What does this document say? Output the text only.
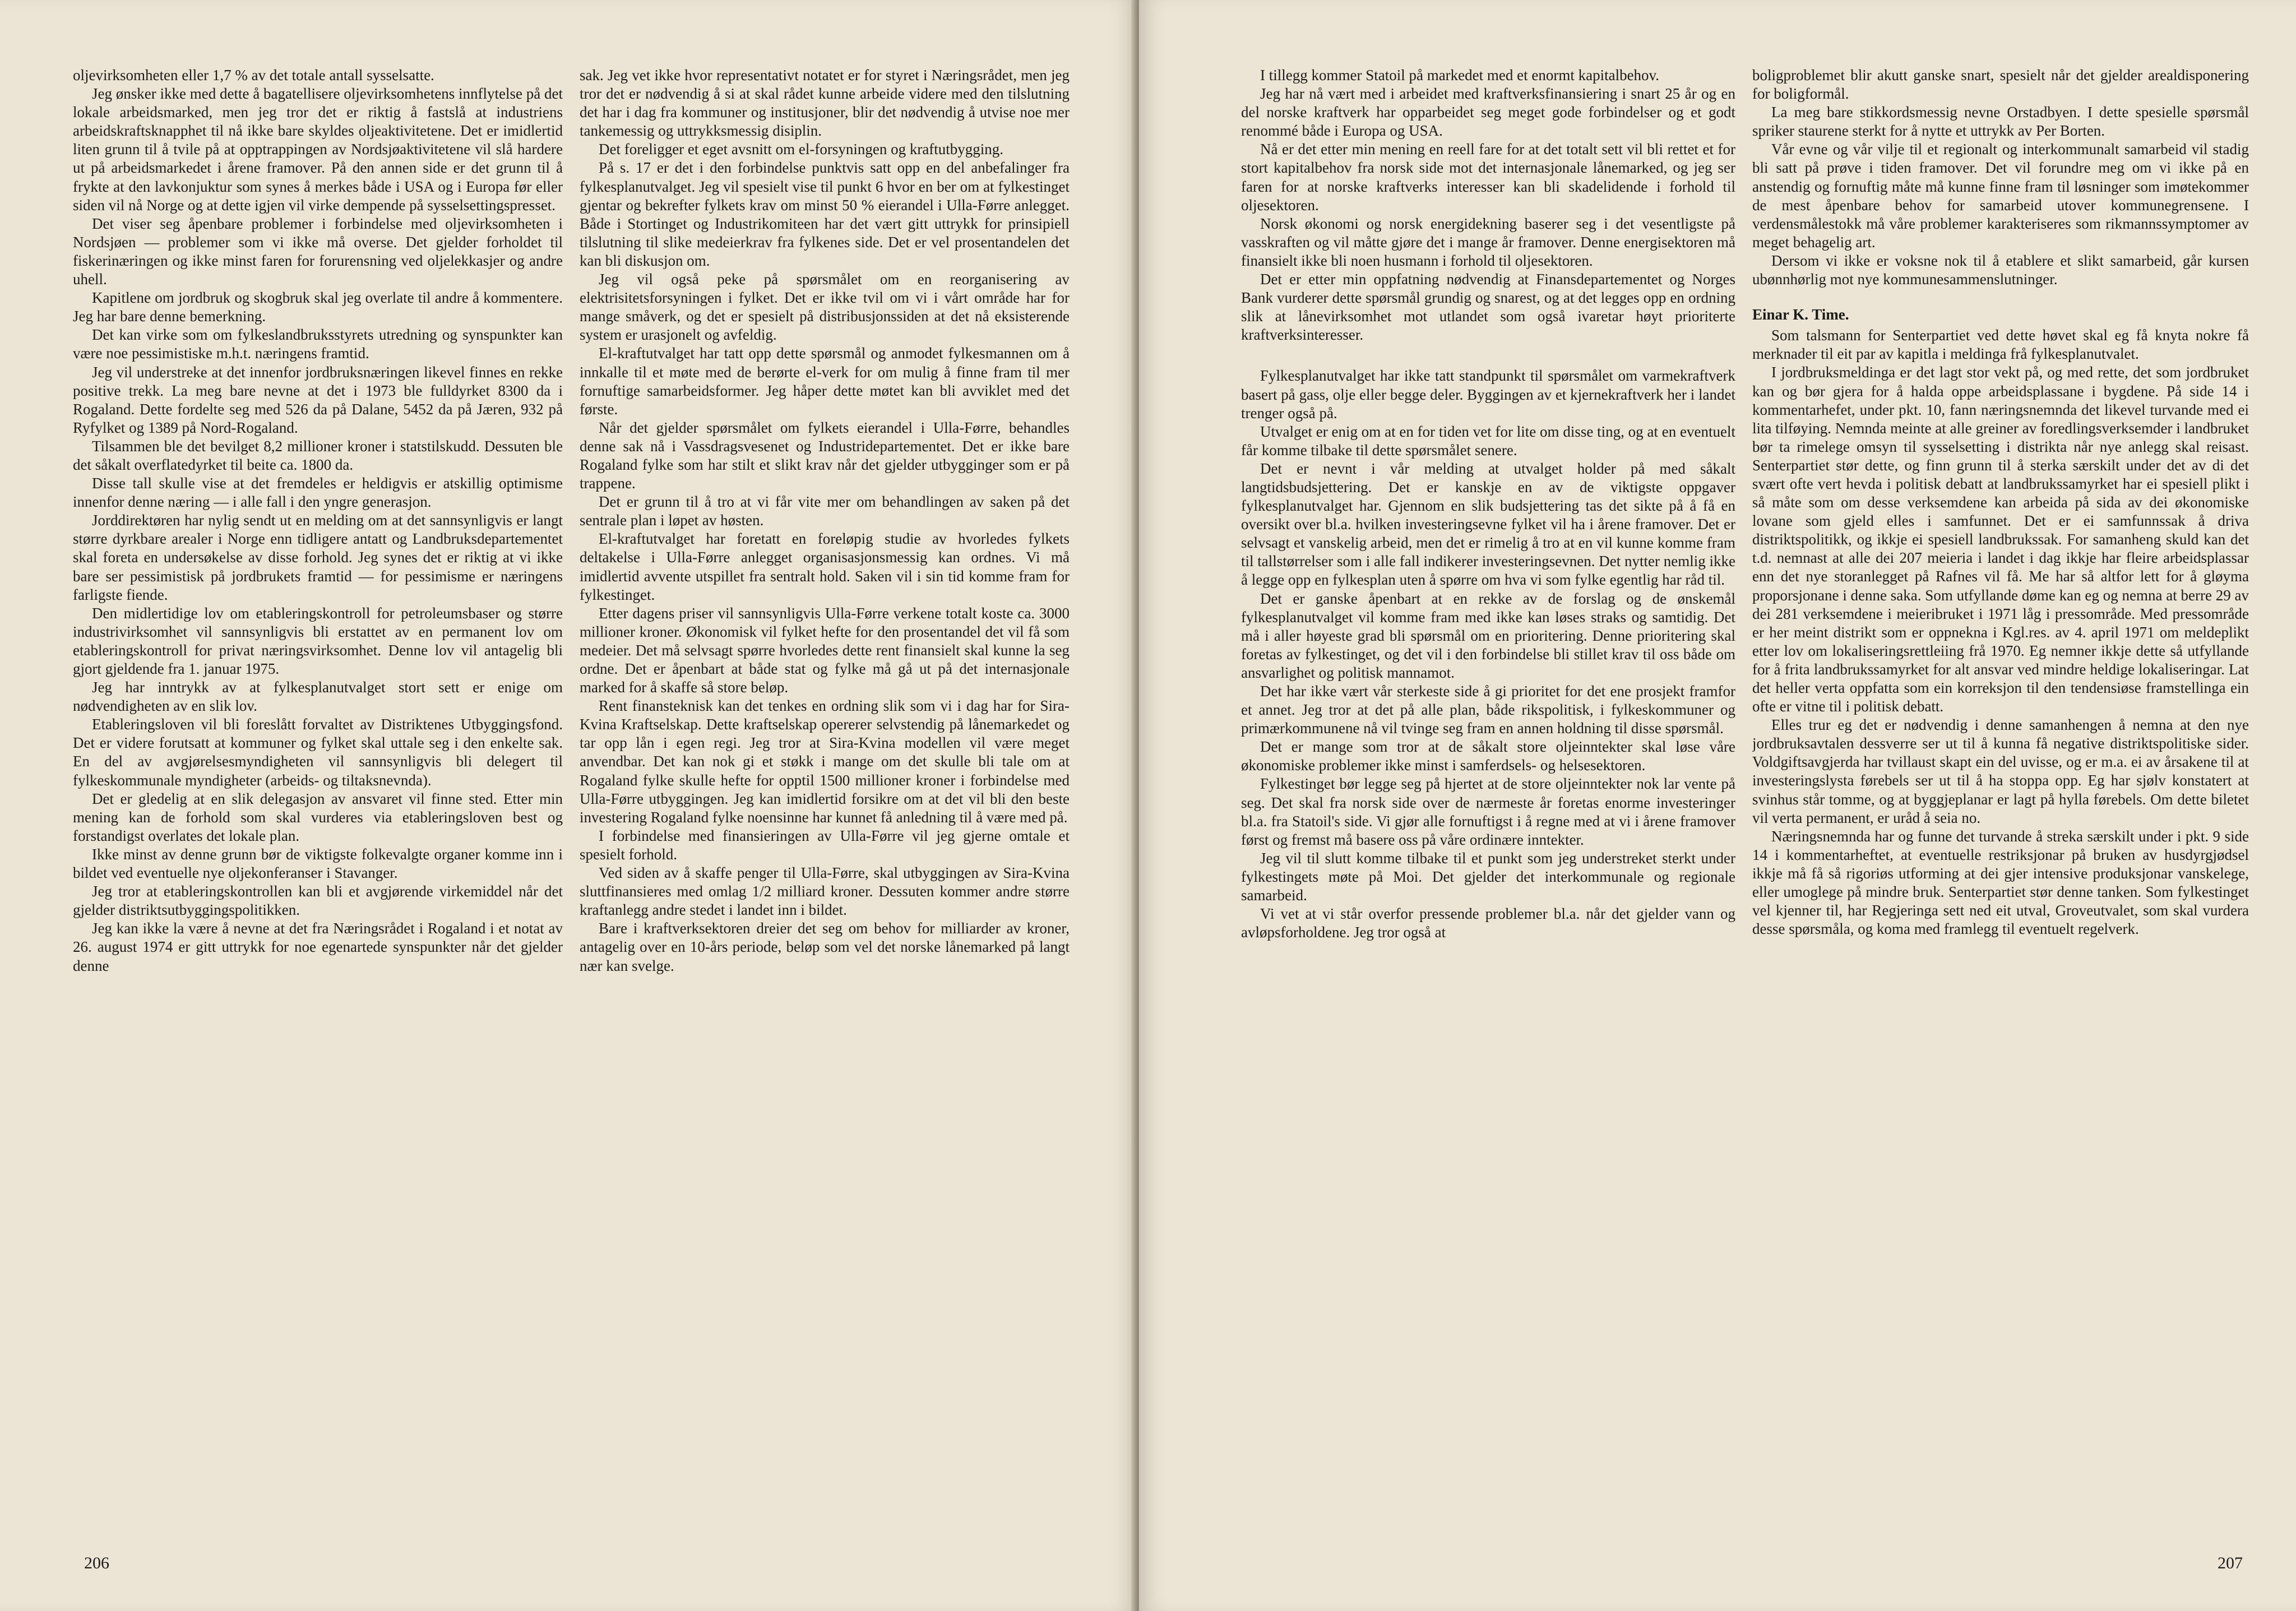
oljevirksomheten eller 1,7 % av det totale antall sysselsatte.

Jeg ønsker ikke med dette å bagatellisere oljevirksomhetens innflytelse på det lokale arbeidsmarked, men jeg tror det er riktig å fastslå at industriens arbeidskraftsknapphet til nå ikke bare skyldes oljeaktivitetene. Det er imidlertid liten grunn til å tvile på at opptrappingen av Nordsjøaktivitetene vil slå hardere ut på arbeidsmarkedet i årene framover. På den annen side er det grunn til å frykte at den lavkonjuktur som synes å merkes både i USA og i Europa før eller siden vil nå Norge og at dette igjen vil virke dempende på sysselsettingspresset.

Det viser seg åpenbare problemer i forbindelse med oljevirksomheten i Nordsjøen — problemer som vi ikke må overse. Det gjelder forholdet til fiskerinæringen og ikke minst faren for forurensning ved oljelekkasjer og andre uhell.

Kapitlene om jordbruk og skogbruk skal jeg overlate til andre å kommentere. Jeg har bare denne bemerkning.

Det kan virke som om fylkeslandbruksstyrets utredning og synspunkter kan være noe pessimistiske m.h.t. næringens framtid.

Jeg vil understreke at det innenfor jordbruksnæringen likevel finnes en rekke positive trekk. La meg bare nevne at det i 1973 ble fulldyrket 8300 da i Rogaland. Dette fordelte seg med 526 da på Dalane, 5452 da på Jæren, 932 på Ryfylket og 1389 på Nord-Rogaland.

Tilsammen ble det bevilget 8,2 millioner kroner i statstilskudd. Dessuten ble det såkalt overflatedyrket til beite ca. 1800 da.

Disse tall skulle vise at det fremdeles er heldigvis er atskillig optimisme innenfor denne næring — i alle fall i den yngre generasjon.

Jorddirektøren har nylig sendt ut en melding om at det sannsynligvis er langt større dyrkbare arealer i Norge enn tidligere antatt og Landbruksdepartementet skal foreta en undersøkelse av disse forhold. Jeg synes det er riktig at vi ikke bare ser pessimistisk på jordbrukets framtid — for pessimisme er næringens farligste fiende.

Den midlertidige lov om etableringskontroll for petroleumsbaser og større industrivirksomhet vil sannsynligvis bli erstattet av en permanent lov om etableringskontroll for privat næringsvirksomhet. Denne lov vil antagelig bli gjort gjeldende fra 1. januar 1975.

Jeg har inntrykk av at fylkesplanutvalget stort sett er enige om nødvendigheten av en slik lov.

Etableringsloven vil bli foreslått forvaltet av Distriktenes Utbyggingsfond. Det er videre forutsatt at kommuner og fylket skal uttale seg i den enkelte sak. En del av avgjørelsesmyndigheten vil sannsynligvis bli delegert til fylkeskommunale myndigheter (arbeids- og tiltaksnevnda).

Det er gledelig at en slik delegasjon av ansvaret vil finne sted. Etter min mening kan de forhold som skal vurderes via etableringsloven best og forstandigst overlates det lokale plan.

Ikke minst av denne grunn bør de viktigste folkevalgte organer komme inn i bildet ved eventuelle nye oljekonferanser i Stavanger.

Jeg tror at etableringskontrollen kan bli et avgjørende virkemiddel når det gjelder distriktsutbyggingspolitikken.

Jeg kan ikke la være å nevne at det fra Næringsrådet i Rogaland i et notat av 26. august 1974 er gitt uttrykk for noe egenartede synspunkter når det gjelder denne

sak. Jeg vet ikke hvor representativt notatet er for styret i Næringsrådet, men jeg tror det er nødvendig å si at skal rådet kunne arbeide videre med den tilslutning det har i dag fra kommuner og institusjoner, blir det nødvendig å utvise noe mer tankemessig og uttrykksmessig disiplin.

Det foreligger et eget avsnitt om el-forsyningen og kraftutbygging.

På s. 17 er det i den forbindelse punktvis satt opp en del anbefalinger fra fylkesplanutvalget. Jeg vil spesielt vise til punkt 6 hvor en ber om at fylkestinget gjentar og bekrefter fylkets krav om minst 50 % eierandel i Ulla-Førre anlegget. Både i Stortinget og Industrikomiteen har det vært gitt uttrykk for prinsipiell tilslutning til slike medeierkrav fra fylkenes side. Det er vel prosentandelen det kan bli diskusjon om.

Jeg vil også peke på spørsmålet om en reorganisering av elektrisitetsforsyningen i fylket. Det er ikke tvil om vi i vårt område har for mange småverk, og det er spesielt på distribusjonssiden at det nå eksisterende system er urasjonelt og avfeldig.

El-kraftutvalget har tatt opp dette spørsmål og anmodet fylkesmannen om å innkalle til et møte med de berørte el-verk for om mulig å finne fram til mer fornuftige samarbeidsformer. Jeg håper dette møtet kan bli avviklet med det første.

Når det gjelder spørsmålet om fylkets eierandel i Ulla-Førre, behandles denne sak nå i Vassdragsvesenet og Industridepartementet. Det er ikke bare Rogaland fylke som har stilt et slikt krav når det gjelder utbygginger som er på trappene.

Det er grunn til å tro at vi får vite mer om behandlingen av saken på det sentrale plan i løpet av høsten.

El-kraftutvalget har foretatt en foreløpig studie av hvorledes fylkets deltakelse i Ulla-Førre anlegget organisasjonsmessig kan ordnes. Vi må imidlertid avvente utspillet fra sentralt hold. Saken vil i sin tid komme fram for fylkestinget.

Etter dagens priser vil sannsynligvis Ulla-Førre verkene totalt koste ca. 3000 millioner kroner. Økonomisk vil fylket hefte for den prosentandel det vil få som medeier. Det må selvsagt spørre hvorledes dette rent finansielt skal kunne la seg ordne. Det er åpenbart at både stat og fylke må gå ut på det internasjonale marked for å skaffe så store beløp.

Rent finansteknisk kan det tenkes en ordning slik som vi i dag har for Sira-Kvina Kraftselskap. Dette kraftselskap opererer selvstendig på lånemarkedet og tar opp lån i egen regi. Jeg tror at Sira-Kvina modellen vil være meget anvendbar. Det kan nok gi et støkk i mange om det skulle bli tale om at Rogaland fylke skulle hefte for opptil 1500 millioner kroner i forbindelse med Ulla-Førre utbyggingen. Jeg kan imidlertid forsikre om at det vil bli den beste investering Rogaland fylke noensinne har kunnet få anledning til å være med på.

I forbindelse med finansieringen av Ulla-Førre vil jeg gjerne omtale et spesielt forhold.

Ved siden av å skaffe penger til Ulla-Førre, skal utbyggingen av Sira-Kvina sluttfinansieres med omlag 1/2 milliard kroner. Dessuten kommer andre større kraftanlegg andre stedet i landet inn i bildet.

Bare i kraftverksektoren dreier det seg om behov for milliarder av kroner, antagelig over en 10-års periode, beløp som vel det norske lånemarked på langt nær kan svelge.

206

I tillegg kommer Statoil på markedet med et enormt kapitalbehov.

Jeg har nå vært med i arbeidet med kraftverksfinansiering i snart 25 år og en del norske kraftverk har opparbeidet seg meget gode forbindelser og et godt renommé både i Europa og USA.

Nå er det etter min mening en reell fare for at det totalt sett vil bli rettet et for stort kapitalbehov fra norsk side mot det internasjonale lånemarked, og jeg ser faren for at norske kraftverks interesser kan bli skadelidende i forhold til oljesektoren.

Norsk økonomi og norsk energidekning baserer seg i det vesentligste på vasskraften og vil måtte gjøre det i mange år framover. Denne energisektoren må finansielt ikke bli noen husmann i forhold til oljesektoren.

Det er etter min oppfatning nødvendig at Finansdepartementet og Norges Bank vurderer dette spørsmål grundig og snarest, og at det legges opp en ordning slik at lånevirksomhet mot utlandet som også ivaretar høyt prioriterte kraftverksinteresser.

Fylkesplanutvalget har ikke tatt standpunkt til spørsmålet om varmekraftverk basert på gass, olje eller begge deler. Byggingen av et kjernekraftverk her i landet trenger også på.

Utvalget er enig om at en for tiden vet for lite om disse ting, og at en eventuelt får komme tilbake til dette spørsmålet senere.

Det er nevnt i vår melding at utvalget holder på med såkalt langtidsbudsjettering. Det er kanskje en av de viktigste oppgaver fylkesplanutvalget har. Gjennom en slik budsjettering tas det sikte på å få en oversikt over bl.a. hvilken investeringsevne fylket vil ha i årene framover. Det er selvsagt et vanskelig arbeid, men det er rimelig å tro at en vil kunne komme fram til tallstørrelser som i alle fall indikerer investeringsevnen. Det nytter nemlig ikke å legge opp en fylkesplan uten å spørre om hva vi som fylke egentlig har råd til.

Det er ganske åpenbart at en rekke av de forslag og de ønskemål fylkesplanutvalget vil komme fram med ikke kan løses straks og samtidig. Det må i aller høyeste grad bli spørsmål om en prioritering. Denne prioritering skal foretas av fylkestinget, og det vil i den forbindelse bli stillet krav til oss både om ansvarlighet og politisk mannamot.

Det har ikke vært vår sterkeste side å gi prioritet for det ene prosjekt framfor et annet. Jeg tror at det på alle plan, både rikspolitisk, i fylkeskommuner og primærkommunene nå vil tvinge seg fram en annen holdning til disse spørsmål.

Det er mange som tror at de såkalt store oljeinntekter skal løse våre økonomiske problemer ikke minst i samferdsels- og helsesektoren.

Fylkestinget bør legge seg på hjertet at de store oljeinntekter nok lar vente på seg. Det skal fra norsk side over de nærmeste år foretas enorme investeringer bl.a. fra Statoil's side. Vi gjør alle fornuftigst i å regne med at vi i årene framover først og fremst må basere oss på våre ordinære inntekter.

Jeg vil til slutt komme tilbake til et punkt som jeg understreket sterkt under fylkestingets møte på Moi. Det gjelder det interkommunale og regionale samarbeid.

Vi vet at vi står overfor pressende problemer bl.a. når det gjelder vann og avløpsforholdene. Jeg tror også at

boligproblemet blir akutt ganske snart, spesielt når det gjelder arealdisponering for boligformål.

La meg bare stikkordsmessig nevne Orstadbyen. I dette spesielle spørsmål spriker staurene sterkt for å nytte et uttrykk av Per Borten.

Vår evne og vår vilje til et regionalt og interkommunalt samarbeid vil stadig bli satt på prøve i tiden framover. Det vil forundre meg om vi ikke på en anstendig og fornuftig måte må kunne finne fram til løsninger som imøtekommer de mest åpenbare behov for samarbeid utover kommunegrensene. I verdensmålestokk må våre problemer karakteriseres som rikmannssymptomer av meget behagelig art.

Dersom vi ikke er voksne nok til å etablere et slikt samarbeid, går kursen ubønnhørlig mot nye kommunesammenslutninger.

Einar K. Time.

Som talsmann for Senterpartiet ved dette høvet skal eg få knyta nokre få merknader til eit par av kapitla i meldinga frå fylkesplanutvalet.

I jordbruksmeldinga er det lagt stor vekt på, og med rette, det som jordbruket kan og bør gjera for å halda oppe arbeidsplassane i bygdene. På side 14 i kommentarhefet, under pkt. 10, fann næringsnemnda det likevel turvande med ei lita tilføying. Nemnda meinte at alle greiner av foredlingsverksemder i landbruket bør ta rimelege omsyn til sysselsetting i distrikta når nye anlegg skal reisast. Senterpartiet stør dette, og finn grunn til å sterka særskilt under det av di det svært ofte vert hevda i politisk debatt at landbrukssamyrket har ei spesiell plikt i så måte som om desse verksemdene kan arbeida på sida av dei økonomiske lovane som gjeld elles i samfunnet. Det er ei samfunnssak å driva distriktspolitikk, og ikkje ei spesiell landbrukssak. For samanheng skuld kan det t.d. nemnast at alle dei 207 meieria i landet i dag ikkje har fleire arbeidsplassar enn det nye storanlegget på Rafnes vil få. Me har så altfor lett for å gløyma proporsjonane i denne saka. Som utfyllande døme kan eg og nemna at berre 29 av dei 281 verksemdene i meieribruket i 1971 låg i pressområde. Med pressområde er her meint distrikt som er oppnekna i Kgl.res. av 4. april 1971 om meldeplikt etter lov om lokaliseringsrettleiing frå 1970. Eg nemner ikkje dette så utfyllande for å frita landbrukssamyrket for alt ansvar ved mindre heldige lokaliseringar. Lat det heller verta oppfatta som ein korreksjon til den tendensiøse framstellinga ein ofte er vitne til i politisk debatt.

Elles trur eg det er nødvendig i denne samanhengen å nemna at den nye jordbruksavtalen dessverre ser ut til å kunna få negative distriktspolitiske sider. Voldgiftsavgjerda har tvillaust skapt ein del uvisse, og er m.a. ei av årsakene til at investeringslysta førebels ser ut til å ha stoppa opp. Eg har sjølv konstatert at svinhus står tomme, og at byggjeplanar er lagt på hylla førebels. Om dette biletet vil verta permanent, er uråd å seia no.

Næringsnemnda har og funne det turvande å streka særskilt under i pkt. 9 side 14 i kommentarheftet, at eventuelle restriksjonar på bruken av husdyrgjødsel ikkje må få så rigoriøs utforming at dei gjer intensive produksjonar vanskelege, eller umoglege på mindre bruk. Senterpartiet stør denne tanken. Som fylkestinget vel kjenner til, har Regjeringa sett ned eit utval, Groveutvalet, som skal vurdera desse spørsmåla, og koma med framlegg til eventuelt regelverk.

207
